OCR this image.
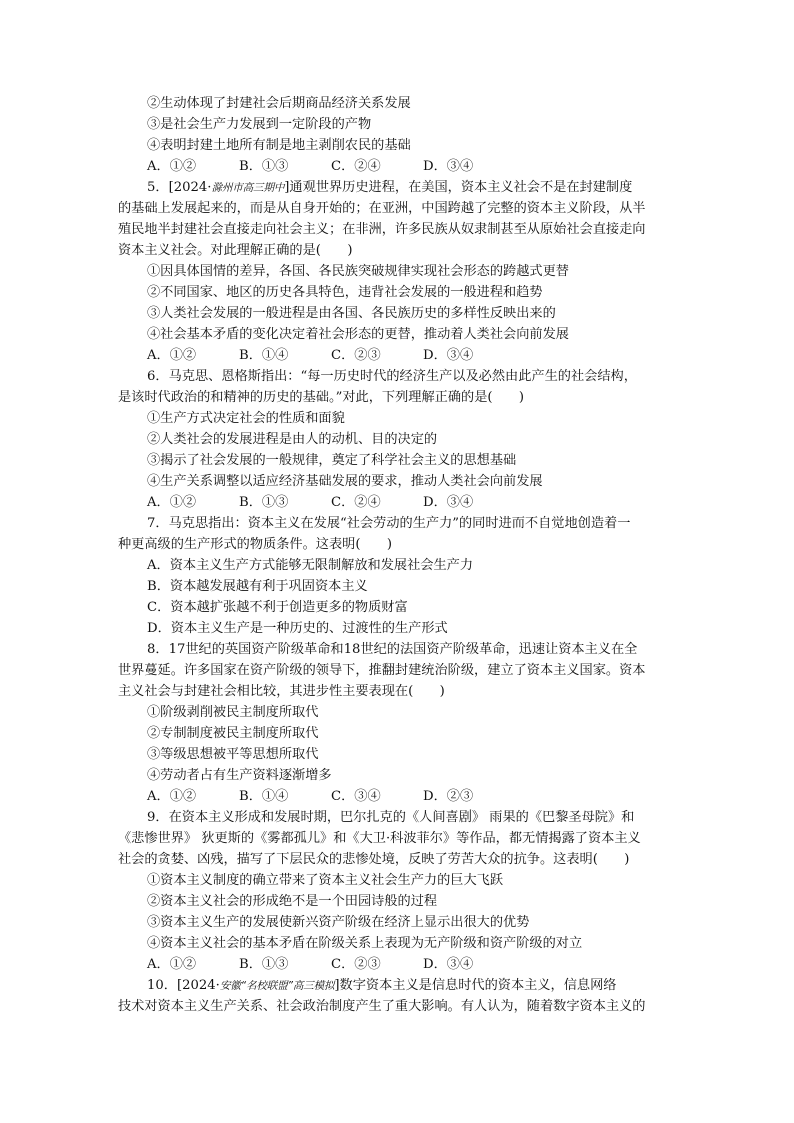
②生动体现了封建社会后期商品经济关系发展
③是社会生产力发展到一定阶段的产物
④表明封建土地所有制是地主剥削农民的基础
A．①②	B．①③	C．②④	D．③④
5．[2024·滁州市高三期中]通观世界历史进程，在美国，资本主义社会不是在封建制度
的基础上发展起来的，而是从自身开始的；在亚洲，中国跨越了完整的资本主义阶段，从半
殖民地半封建社会直接走向社会主义；在非洲，许多民族从奴隶制甚至从原始社会直接走向
资本主义社会。对此理解正确的是(　　)
①因具体国情的差异，各国、各民族突破规律实现社会形态的跨越式更替
②不同国家、地区的历史各具特色，违背社会发展的一般进程和趋势
③人类社会发展的一般进程是由各国、各民族历史的多样性反映出来的
④社会基本矛盾的变化决定着社会形态的更替，推动着人类社会向前发展
A．①②	B．①④	C．②③	D．③④
6．马克思、恩格斯指出：“每一历史时代的经济生产以及必然由此产生的社会结构，
是该时代政治的和精神的历史的基础。”对此，下列理解正确的是(　　)
①生产方式决定社会的性质和面貌
②人类社会的发展进程是由人的动机、目的决定的
③揭示了社会发展的一般规律，奠定了科学社会主义的思想基础
④生产关系调整以适应经济基础发展的要求，推动人类社会向前发展
A．①②	B．①③	C．②④	D．③④
7．马克思指出：资本主义在发展“社会劳动的生产力”的同时进而不自觉地创造着一
种更高级的生产形式的物质条件。这表明(　　)
A．资本主义生产方式能够无限制解放和发展社会生产力
B．资本越发展越有利于巩固资本主义
C．资本越扩张越不利于创造更多的物质财富
D．资本主义生产是一种历史的、过渡性的生产形式
8．17世纪的英国资产阶级革命和18世纪的法国资产阶级革命，迅速让资本主义在全
世界蔓延。许多国家在资产阶级的领导下，推翻封建统治阶级，建立了资本主义国家。资本
主义社会与封建社会相比较，其进步性主要表现在(　　)
①阶级剥削被民主制度所取代
②专制制度被民主制度所取代
③等级思想被平等思想所取代
④劳动者占有生产资料逐渐增多
A．①②	B．①④	C．③④	D．②③
9．在资本主义形成和发展时期，巴尔扎克的《人间喜剧》 雨果的《巴黎圣母院》和
《悲惨世界》 狄更斯的《雾都孤儿》和《大卫·科波菲尔》等作品，都无情揭露了资本主义
社会的贪婪、凶残，描写了下层民众的悲惨处境，反映了劳苦大众的抗争。这表明(　　)
①资本主义制度的确立带来了资本主义社会生产力的巨大飞跃
②资本主义社会的形成绝不是一个田园诗般的过程
③资本主义生产的发展使新兴资产阶级在经济上显示出很大的优势
④资本主义社会的基本矛盾在阶级关系上表现为无产阶级和资产阶级的对立
A．①②	B．①③	C．②③	D．③④
10．[2024·安徽“名校联盟”高三模拟]数字资本主义是信息时代的资本主义，信息网络
技术对资本主义生产关系、社会政治制度产生了重大影响。有人认为，随着数字资本主义的
